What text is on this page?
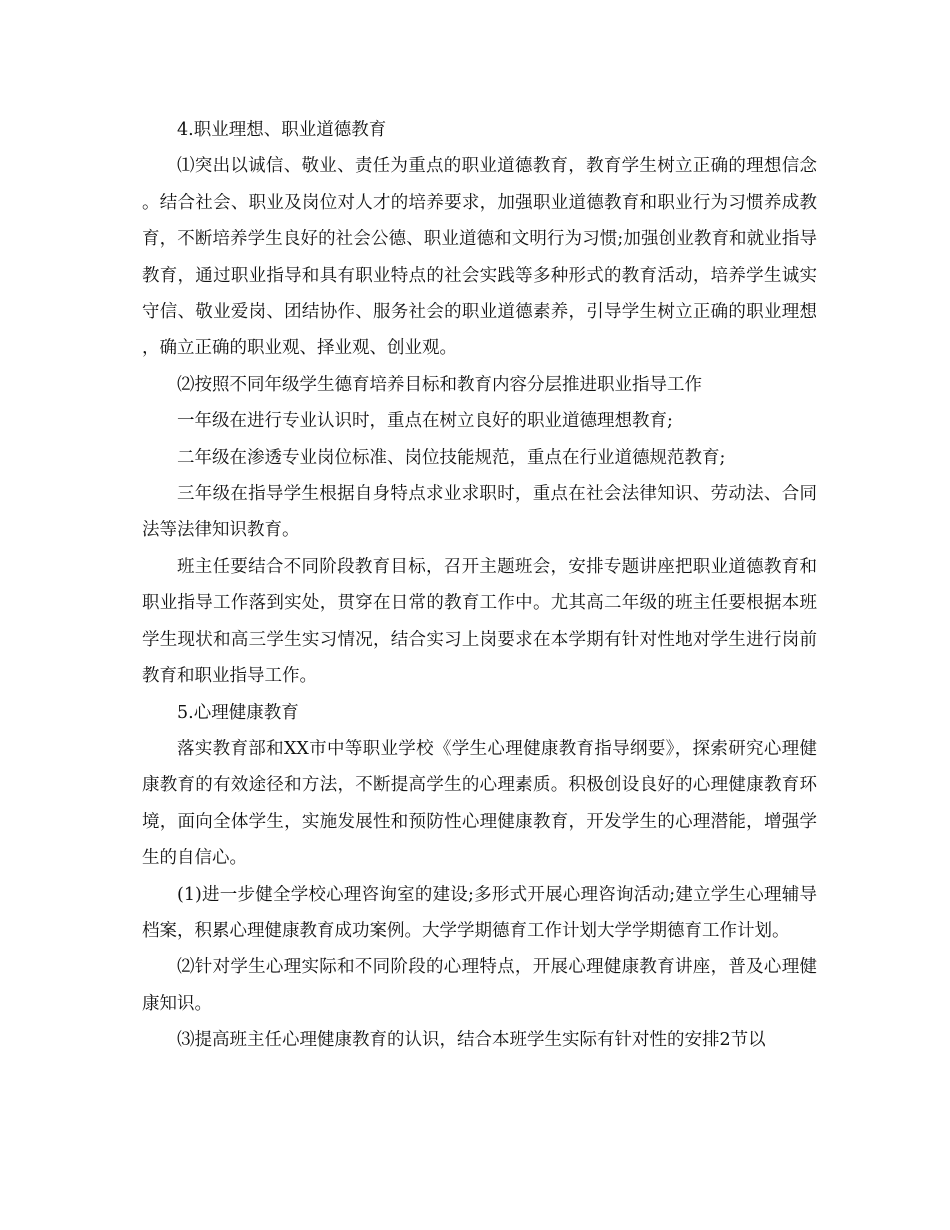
4.职业理想、职业道德教育

⑴突出以诚信、敬业、责任为重点的职业道德教育，教育学生树立正确的理想信念。结合社会、职业及岗位对人才的培养要求，加强职业道德教育和职业行为习惯养成教育，不断培养学生良好的社会公德、职业道德和文明行为习惯;加强创业教育和就业指导教育，通过职业指导和具有职业特点的社会实践等多种形式的教育活动，培养学生诚实守信、敬业爱岗、团结协作、服务社会的职业道德素养，引导学生树立正确的职业理想，确立正确的职业观、择业观、创业观。

⑵按照不同年级学生德育培养目标和教育内容分层推进职业指导工作

一年级在进行专业认识时，重点在树立良好的职业道德理想教育;

二年级在渗透专业岗位标准、岗位技能规范，重点在行业道德规范教育;

三年级在指导学生根据自身特点求业求职时，重点在社会法律知识、劳动法、合同法等法律知识教育。

班主任要结合不同阶段教育目标，召开主题班会，安排专题讲座把职业道德教育和职业指导工作落到实处，贯穿在日常的教育工作中。尤其高二年级的班主任要根据本班学生现状和高三学生实习情况，结合实习上岗要求在本学期有针对性地对学生进行岗前教育和职业指导工作。

5.心理健康教育

落实教育部和XX市中等职业学校《学生心理健康教育指导纲要》，探索研究心理健康教育的有效途径和方法，不断提高学生的心理素质。积极创设良好的心理健康教育环境，面向全体学生，实施发展性和预防性心理健康教育，开发学生的心理潜能，增强学生的自信心。

(1)进一步健全学校心理咨询室的建设;多形式开展心理咨询活动;建立学生心理辅导档案，积累心理健康教育成功案例。大学学期德育工作计划大学学期德育工作计划。

⑵针对学生心理实际和不同阶段的心理特点，开展心理健康教育讲座，普及心理健康知识。

⑶提高班主任心理健康教育的认识，结合本班学生实际有针对性的安排2节以
